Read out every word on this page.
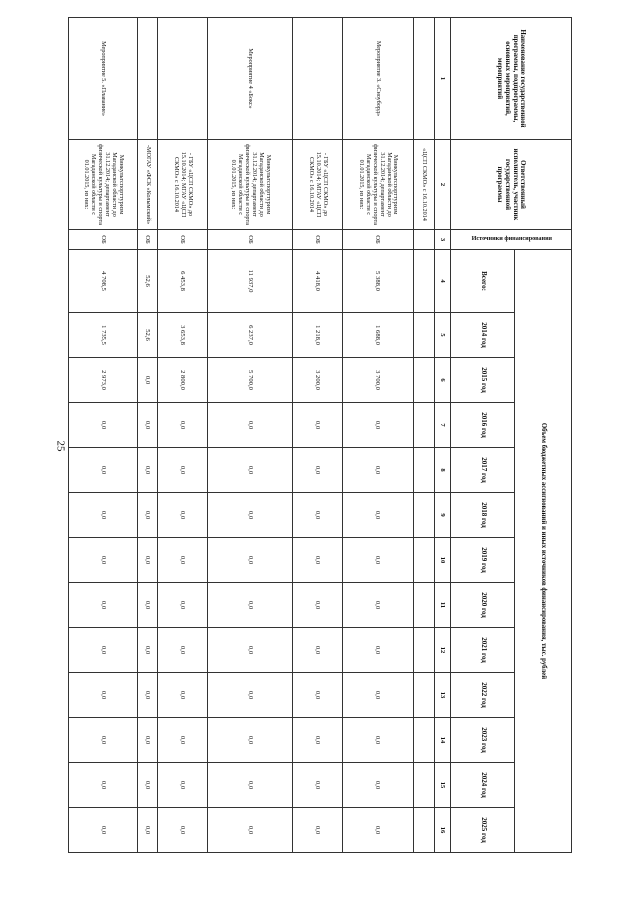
25
Наименование государственной программы, подпрограммы, основных мероприятий, мероприятий	Ответственный исполнитель, участник государственной программы	Источники финансирования	Объем бюджетных ассигнований и иных источников финансирования, тыс. рублей												
			Всего:	2014 год	2015 год	2016 год	2017 год	2018 год	2019 год	2020 год	2021 год	2022 год	2023 год	2024 год	2025 год
1	2	3	4	5	6	7	8	9	10	11	12	13	14	15	16
	«ЦСП СКМО» с 16.10.2014														
Мероприятие 3. «Сноуборд»	Минкультспорттуризм Магаданской области до 31.12.2014; департамент физической культуры и спорта Магаданской области с 01.01.2015, из них:	ОБ	5 388,0	1 688,0	3 700,0	0,0	0,0	0,0	0,0	0,0	0,0	0,0	0,0	0,0	0,0
	- ГБУ «ЦСП СКМО» до 15.10.2014; МГАУ «ЦСП СКМО» с 16.10.2014	ОБ	4 418,0	1 218,0	3 200,0	0,0	0,0	0,0	0,0	0,0	0,0	0,0	0,0	0,0	0,0
Мероприятие 4 «Бокс»	Минкультспорттуризм Магаданской области до 31.12.2014; департамент физической культуры и спорта Магаданской области с 01.01.2015, из них:	ОБ	11 937,0	6 237,0	5 700,0	0,0	0,0	0,0	0,0	0,0	0,0	0,0	0,0	0,0	0,0
	- ГБУ «ЦСП СКМО» до 15.10.2014; МГАУ «ЦСП СКМО» с 16.10.2014	ОБ	6 453,8	3 653,8	2 800,0	0,0	0,0	0,0	0,0	0,0	0,0	0,0	0,0	0,0	0,0
	-МОГАУ «ФСК «Колымский»	ОБ	52,6	52,6	0,0	0,0	0,0	0,0	0,0	0,0	0,0	0,0	0,0	0,0	0,0
Мероприятие 5. «Плавание»	Минкультспорттуризм Магаданской области до 31.12.2014; департамент физической культуры и спорта Магаданской области с 01.01.2015, из них:	ОБ	4 708,5	1 735,5	2 973,0	0,0	0,0	0,0	0,0	0,0	0,0	0,0	0,0	0,0	0,0
